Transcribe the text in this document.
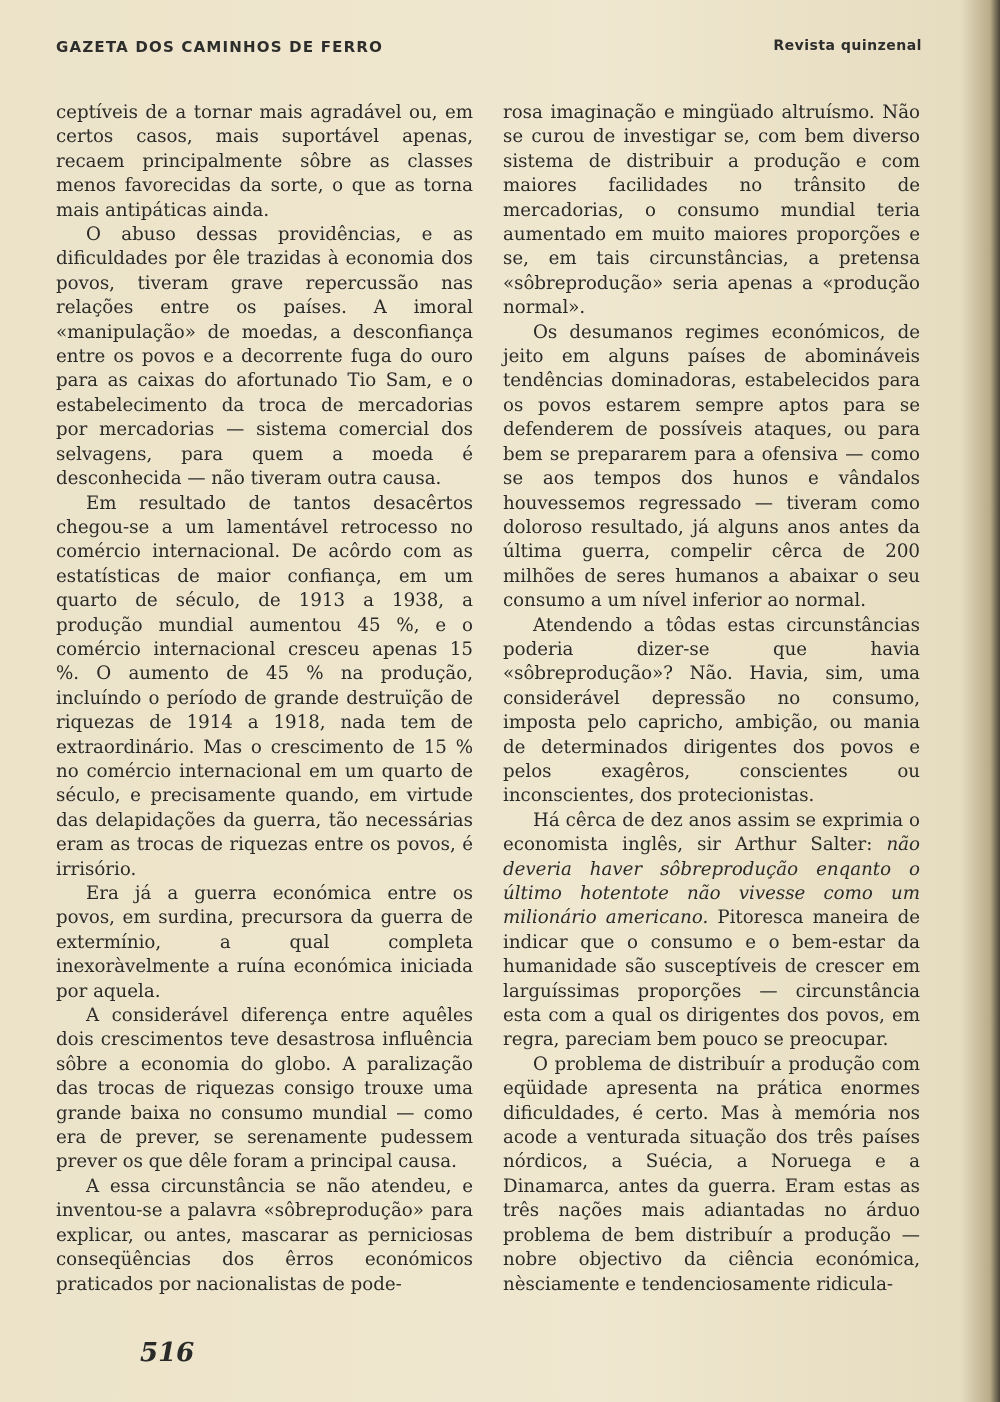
GAZETA DOS CAMINHOS DE FERRO	Revista quinzenal

ceptíveis de a tornar mais agradável ou, em certos casos, mais suportável apenas, recaem principalmente sôbre as classes menos favorecidas da sorte, o que as torna mais antipáticas ainda.

O abuso dessas providências, e as dificuldades por êle trazidas à economia dos povos, tiveram grave repercussão nas relações entre os países. A imoral «manipulação» de moedas, a desconfiança entre os povos e a decorrente fuga do ouro para as caixas do afortunado Tio Sam, e o estabelecimento da troca de mercadorias por mercadorias — sistema comercial dos selvagens, para quem a moeda é desconhecida — não tiveram outra causa.

Em resultado de tantos desacêrtos chegou-se a um lamentável retrocesso no comércio internacional. De acôrdo com as estatísticas de maior confiança, em um quarto de século, de 1913 a 1938, a produção mundial aumentou 45 %, e o comércio internacional cresceu apenas 15 %. O aumento de 45 % na produção, incluíndo o período de grande destruïção de riquezas de 1914 a 1918, nada tem de extraordinário. Mas o crescimento de 15 % no comércio internacional em um quarto de século, e precisamente quando, em virtude das delapidações da guerra, tão necessárias eram as trocas de riquezas entre os povos, é irrisório.

Era já a guerra económica entre os povos, em surdina, precursora da guerra de extermínio, a qual completa inexoràvelmente a ruína económica iniciada por aquela.

A considerável diferença entre aquêles dois crescimentos teve desastrosa influência sôbre a economia do globo. A paralização das trocas de riquezas consigo trouxe uma grande baixa no consumo mundial — como era de prever, se serenamente pudessem prever os que dêle foram a principal causa.

A essa circunstância se não atendeu, e inventou-se a palavra «sôbreprodução» para explicar, ou antes, mascarar as perniciosas conseqüências dos êrros económicos praticados por nacionalistas de pode-

rosa imaginação e mingüado altruísmo. Não se curou de investigar se, com bem diverso sistema de distribuir a produção e com maiores facilidades no trânsito de mercadorias, o consumo mundial teria aumentado em muito maiores proporções e se, em tais circunstâncias, a pretensa «sôbreprodução» seria apenas a «produção normal».

Os desumanos regimes económicos, de jeito em alguns países de abomináveis tendências dominadoras, estabelecidos para os povos estarem sempre aptos para se defenderem de possíveis ataques, ou para bem se prepararem para a ofensiva — como se aos tempos dos hunos e vândalos houvessemos regressado — tiveram como doloroso resultado, já alguns anos antes da última guerra, compelir cêrca de 200 milhões de seres humanos a abaixar o seu consumo a um nível inferior ao normal.

Atendendo a tôdas estas circunstâncias poderia dizer-se que havia «sôbreprodução»? Não. Havia, sim, uma considerável depressão no consumo, imposta pelo capricho, ambição, ou mania de determinados dirigentes dos povos e pelos exagêros, conscientes ou inconscientes, dos protecionistas.

Há cêrca de dez anos assim se exprimia o economista inglês, sir Arthur Salter: não deveria haver sôbreprodução enqanto o último hotentote não vivesse como um milionário americano. Pitoresca maneira de indicar que o consumo e o bem-estar da humanidade são susceptíveis de crescer em larguíssimas proporções — circunstância esta com a qual os dirigentes dos povos, em regra, pareciam bem pouco se preocupar.

O problema de distribuír a produção com eqüidade apresenta na prática enormes dificuldades, é certo. Mas à memória nos acode a venturada situação dos três países nórdicos, a Suécia, a Noruega e a Dinamarca, antes da guerra. Eram estas as três nações mais adiantadas no árduo problema de bem distribuír a produção — nobre objectivo da ciência económica, nèsciamente e tendenciosamente ridicula-

516
